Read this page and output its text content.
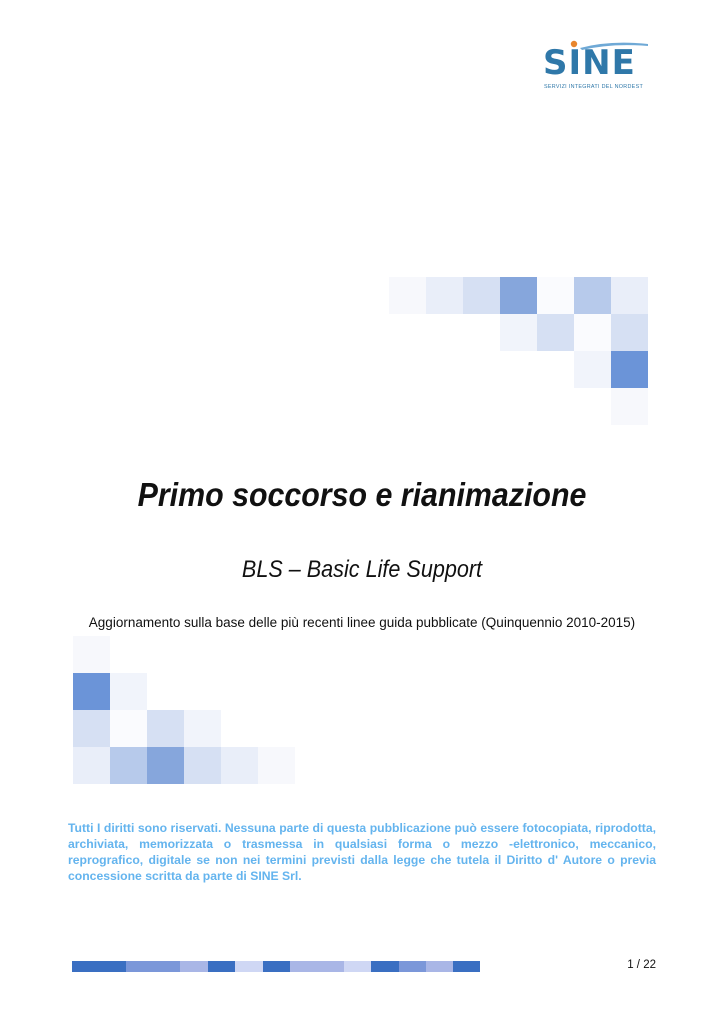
SINE
SERVIZI INTEGRATI DEL NORDEST
Primo soccorso e rianimazione
BLS – Basic Life Support
Aggiornamento sulla base delle più recenti linee guida pubblicate (Quinquennio 2010-2015)
Tutti I diritti sono riservati. Nessuna parte di questa pubblicazione può essere fotocopiata, riprodotta, archiviata, memorizzata o trasmessa in qualsiasi forma o mezzo -elettronico, meccanico, reprografico, digitale se non nei termini previsti dalla legge che tutela il Diritto d' Autore o previa concessione scritta da parte di SINE Srl.
1 / 22
